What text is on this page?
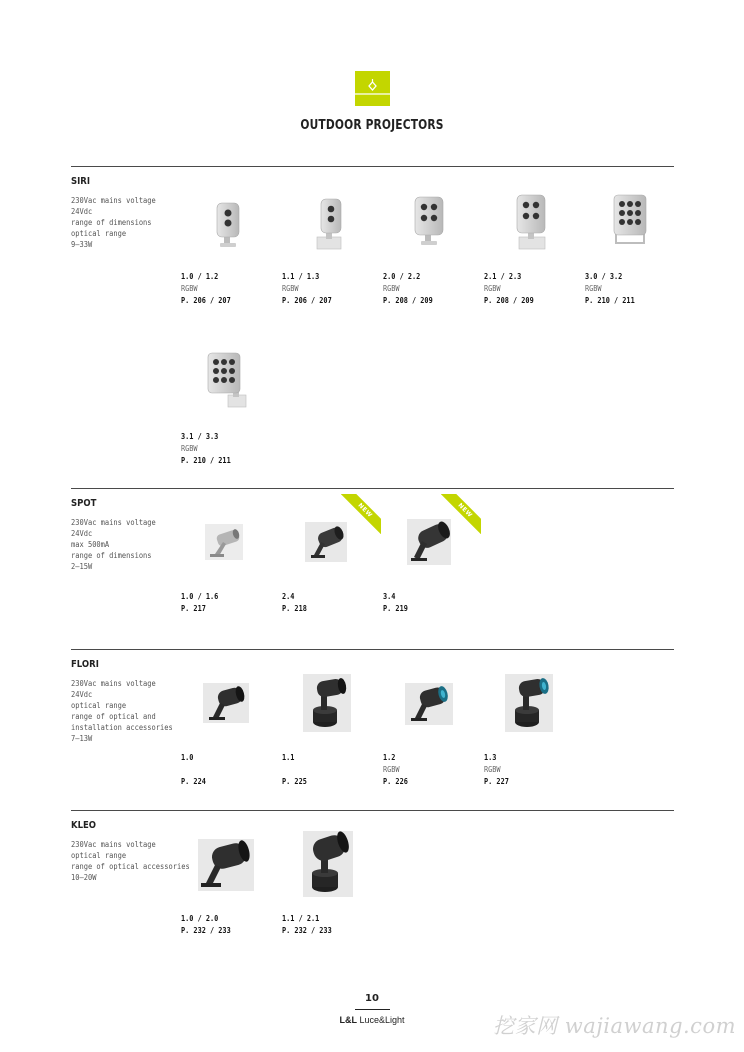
OUTDOOR PROJECTORS
SIRI
230Vac mains voltage
24Vdc
range of dimensions
optical range
9–33W
1.0 / 1.2
RGBW
P. 206 / 207
1.1 / 1.3
RGBW
P. 206 / 207
2.0 / 2.2
RGBW
P. 208 / 209
2.1 / 2.3
RGBW
P. 208 / 209
3.0 / 3.2
RGBW
P. 210 / 211
3.1 / 3.3
RGBW
P. 210 / 211
SPOT
230Vac mains voltage
24Vdc
max 500mA
range of dimensions
2–15W
1.0 / 1.6
P. 217
NEW
2.4
P. 218
NEW
3.4
P. 219
FLORI
230Vac mains voltage
24Vdc
optical range
range of optical and
installation accessories
7–13W
1.0

P. 224
1.1

P. 225
1.2
RGBW
P. 226
1.3
RGBW
P. 227
KLEO
230Vac mains voltage
optical range
range of optical accessories
10–20W
1.0 / 2.0
P. 232 / 233
1.1 / 2.1
P. 232 / 233
10
L&L Luce&Light	挖家网 wajiawang.com
